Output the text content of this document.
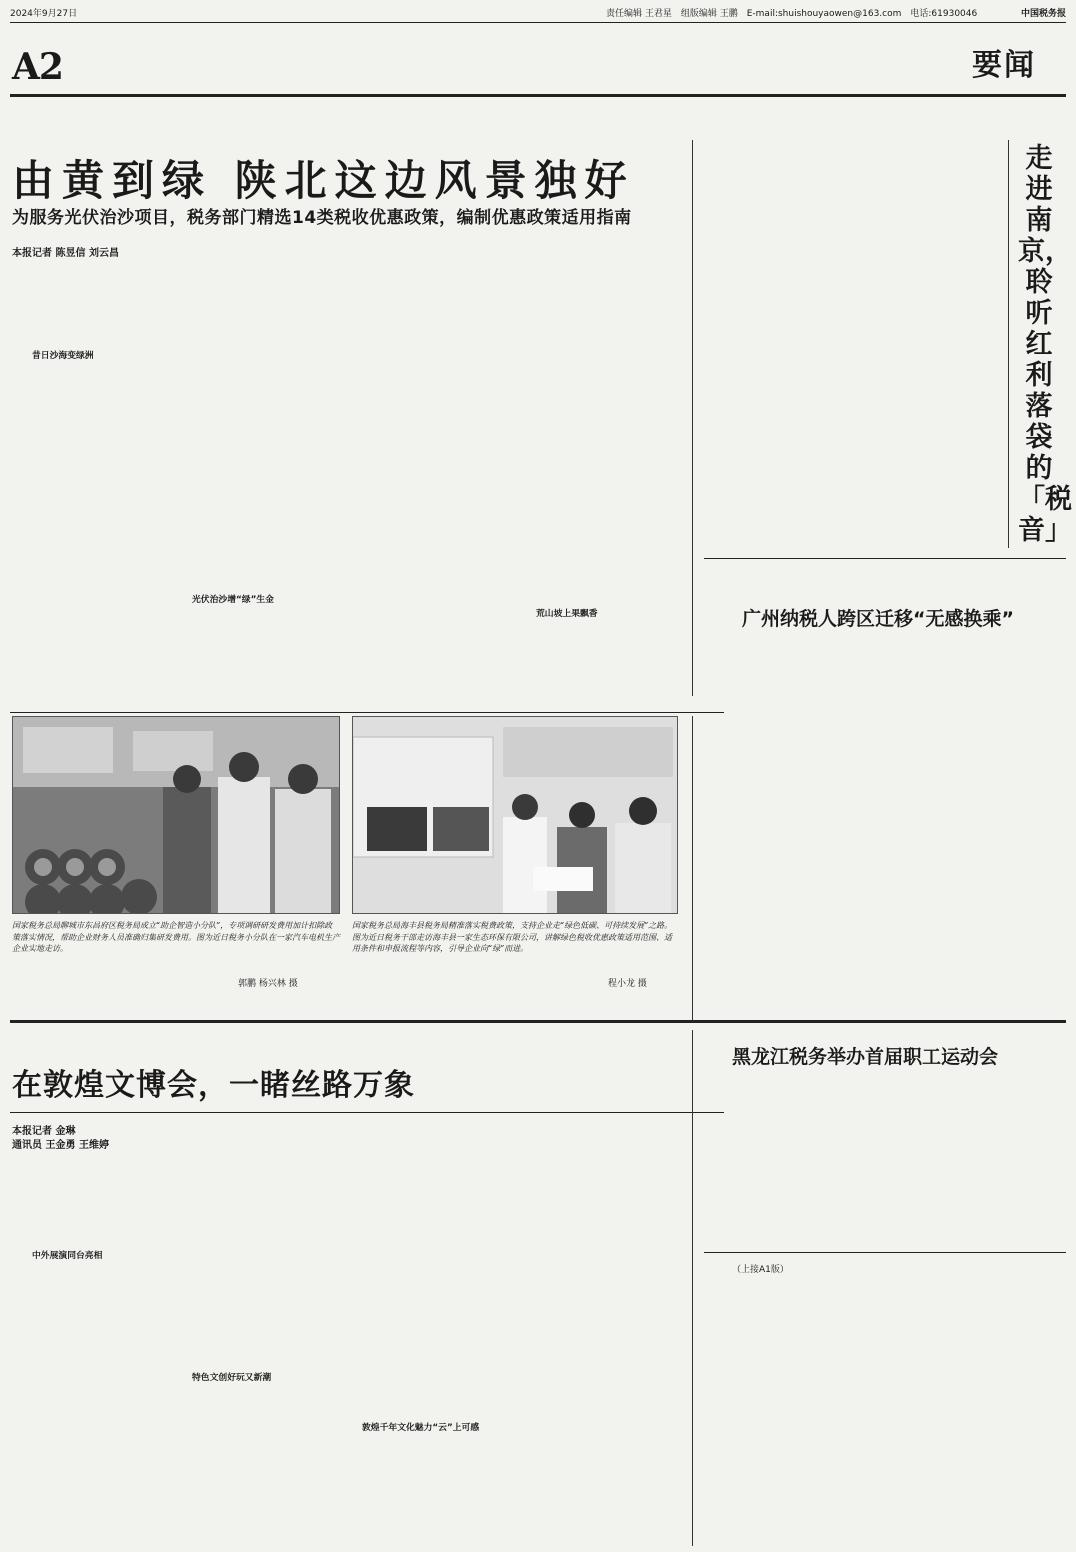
2024年9月27日	责任编辑 王君星　组版编辑 王鹏　E-mail:shuishouyaowen@163.com　电话:61930046	中国税务报
A2	要闻
由黄到绿 陕北这边风景独好
为服务光伏治沙项目，税务部门精选14类税收优惠政策，编制优惠政策适用指南
本报记者 陈昱信 刘云昌
昔日沙海变绿洲
光伏治沙增“绿”生金
荒山坡上果飘香
走进南京，聆听红利落袋的「税音」
广州纳税人跨区迁移“无感换乘”
国家税务总局聊城市东昌府区税务局成立“助企智造小分队”，专项调研研发费用加计扣除政策落实情况，帮助企业财务人员准确归集研发费用。图为近日税务小分队在一家汽车电机生产企业实地走访。
郭鹏 杨兴林 摄
国家税务总局海丰县税务局精准落实税费政策，支持企业走“绿色低碳、可持续发展”之路。图为近日税务干部走访海丰县一家生态环保有限公司，讲解绿色税收优惠政策适用范围、适用条件和申报流程等内容，引导企业向“绿”而进。
程小龙 摄
黑龙江税务举办首届职工运动会
（上接A1版）
在敦煌文博会，一睹丝路万象
本报记者 金琳
通讯员 王金勇 王维婷
中外展演同台亮相
特色文创好玩又新潮
敦煌千年文化魅力“云”上可感
